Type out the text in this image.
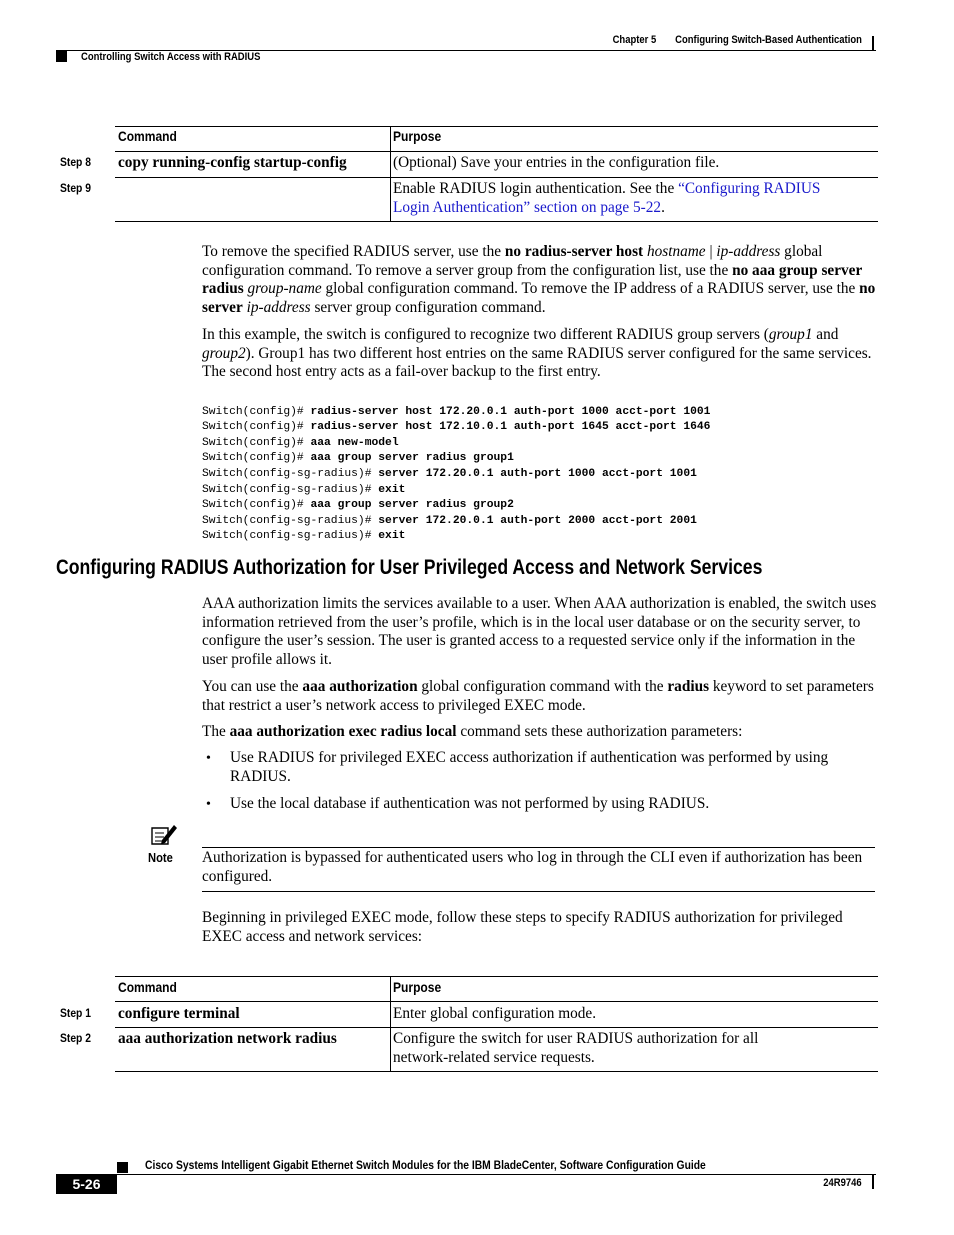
Chapter 5 Configuring Switch-Based Authentication
Controlling Switch Access with RADIUS
Command	Purpose
Step 8 copy running-config startup-config	(Optional) Save your entries in the configuration file.
Step 9	Enable RADIUS login authentication. See the “Configuring RADIUS
Login Authentication” section on page 5-22.
To remove the specified RADIUS server, use the no radius-server host hostname | ip-address global configuration command. To remove a server group from the configuration list, use the no aaa group server radius group-name global configuration command. To remove the IP address of a RADIUS server, use the no server ip-address server group configuration command.
In this example, the switch is configured to recognize two different RADIUS group servers (group1 and group2). Group1 has two different host entries on the same RADIUS server configured for the same services. The second host entry acts as a fail-over backup to the first entry.

Switch(config)# radius-server host 172.20.0.1 auth-port 1000 acct-port 1001
Switch(config)# radius-server host 172.10.0.1 auth-port 1645 acct-port 1646
Switch(config)# aaa new-model
Switch(config)# aaa group server radius group1
Switch(config-sg-radius)# server 172.20.0.1 auth-port 1000 acct-port 1001
Switch(config-sg-radius)# exit
Switch(config)# aaa group server radius group2
Switch(config-sg-radius)# server 172.20.0.1 auth-port 2000 acct-port 2001
Switch(config-sg-radius)# exit

Configuring RADIUS Authorization for User Privileged Access and Network Services
AAA authorization limits the services available to a user. When AAA authorization is enabled, the switch uses information retrieved from the user’s profile, which is in the local user database or on the security server, to configure the user’s session. The user is granted access to a requested service only if the information in the user profile allows it.
You can use the aaa authorization global configuration command with the radius keyword to set parameters that restrict a user’s network access to privileged EXEC mode.
The aaa authorization exec radius local command sets these authorization parameters:
• Use RADIUS for privileged EXEC access authorization if authentication was performed by using RADIUS.
• Use the local database if authentication was not performed by using RADIUS.
Note Authorization is bypassed for authenticated users who log in through the CLI even if authorization has been configured.
Beginning in privileged EXEC mode, follow these steps to specify RADIUS authorization for privileged EXEC access and network services:
Command	Purpose
Step 1 configure terminal	Enter global configuration mode.
Step 2 aaa authorization network radius	Configure the switch for user RADIUS authorization for all
network-related service requests.
Cisco Systems Intelligent Gigabit Ethernet Switch Modules for the IBM BladeCenter, Software Configuration Guide
5-26	24R9746
